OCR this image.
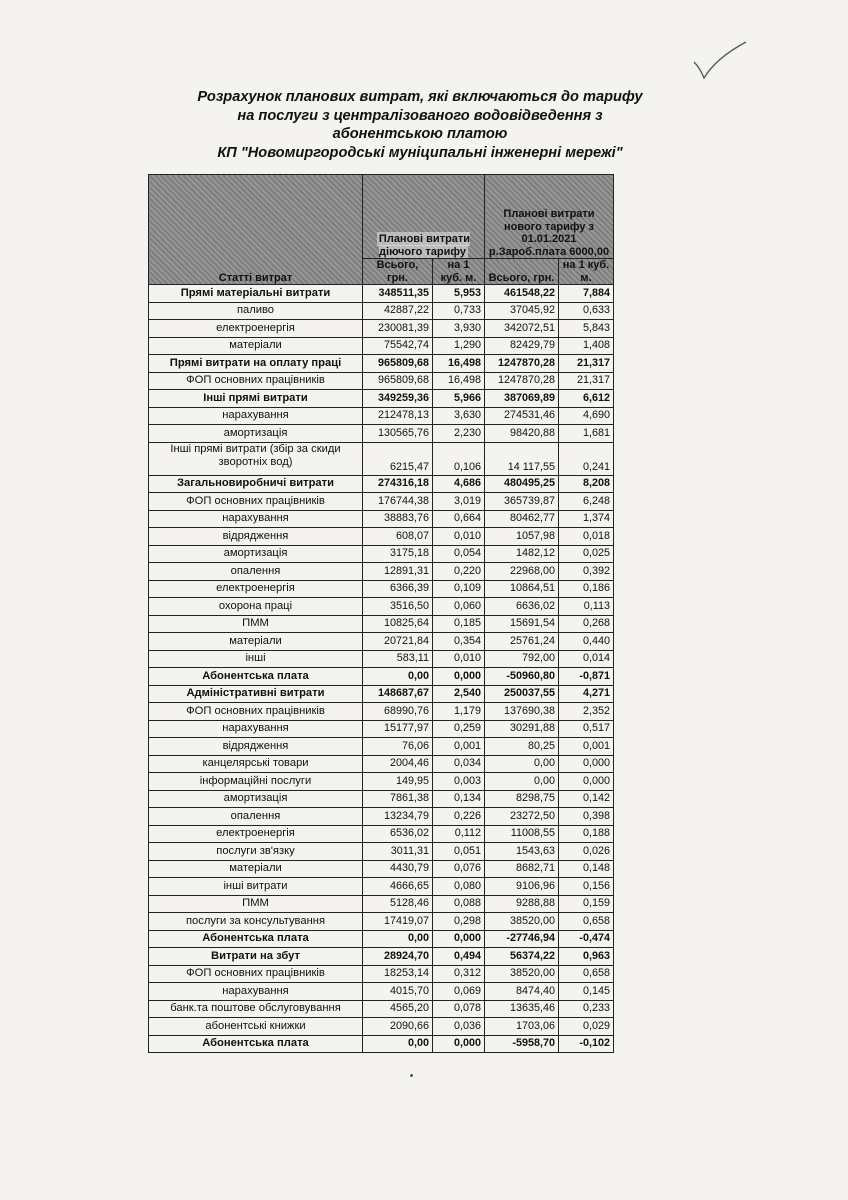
Розрахунок планових витрат, які включаються до тарифу
на послуги з централізованого водовідведення з
абонентською платою
КП "Новомиргородські муніципальні інженерні мережі"
Статті витрат	Планові витрати діючого тарифу		Планові витрати нового тарифу з 01.01.2021 р.Зароб.плата 6000,00	
	Всього, грн.	на 1 куб. м.	Всього, грн.	на 1 куб. м.
Прямі матеріальні витрати	348511,35	5,953	461548,22	7,884
паливо	42887,22	0,733	37045,92	0,633
електроенергія	230081,39	3,930	342072,51	5,843
матеріали	75542,74	1,290	82429,79	1,408
Прямі витрати на оплату праці	965809,68	16,498	1247870,28	21,317
ФОП основних працівників	965809,68	16,498	1247870,28	21,317
Інші прямі витрати	349259,36	5,966	387069,89	6,612
нарахування	212478,13	3,630	274531,46	4,690
амортизація	130565,76	2,230	98420,88	1,681
Інші прямі витрати (збір за скиди зворотніх вод)	6215,47	0,106	14 117,55	0,241
Загальновиробничі витрати	274316,18	4,686	480495,25	8,208
ФОП основних працівників	176744,38	3,019	365739,87	6,248
нарахування	38883,76	0,664	80462,77	1,374
відрядження	608,07	0,010	1057,98	0,018
амортизація	3175,18	0,054	1482,12	0,025
опалення	12891,31	0,220	22968,00	0,392
електроенергія	6366,39	0,109	10864,51	0,186
охорона праці	3516,50	0,060	6636,02	0,113
ПММ	10825,64	0,185	15691,54	0,268
матеріали	20721,84	0,354	25761,24	0,440
інші	583,11	0,010	792,00	0,014
Абонентська плата	0,00	0,000	-50960,80	-0,871
Адміністративні витрати	148687,67	2,540	250037,55	4,271
ФОП основних працівників	68990,76	1,179	137690,38	2,352
нарахування	15177,97	0,259	30291,88	0,517
відрядження	76,06	0,001	80,25	0,001
канцелярські товари	2004,46	0,034	0,00	0,000
інформаційні послуги	149,95	0,003	0,00	0,000
амортизація	7861,38	0,134	8298,75	0,142
опалення	13234,79	0,226	23272,50	0,398
електроенергія	6536,02	0,112	11008,55	0,188
послуги зв'язку	3011,31	0,051	1543,63	0,026
матеріали	4430,79	0,076	8682,71	0,148
інші витрати	4666,65	0,080	9106,96	0,156
ПММ	5128,46	0,088	9288,88	0,159
послуги за консультування	17419,07	0,298	38520,00	0,658
Абонентська плата	0,00	0,000	-27746,94	-0,474
Витрати на збут	28924,70	0,494	56374,22	0,963
ФОП основних працівників	18253,14	0,312	38520,00	0,658
нарахування	4015,70	0,069	8474,40	0,145
банк.та поштове обслуговування	4565,20	0,078	13635,46	0,233
абонентські книжки	2090,66	0,036	1703,06	0,029
Абонентська плата	0,00	0,000	-5958,70	-0,102
